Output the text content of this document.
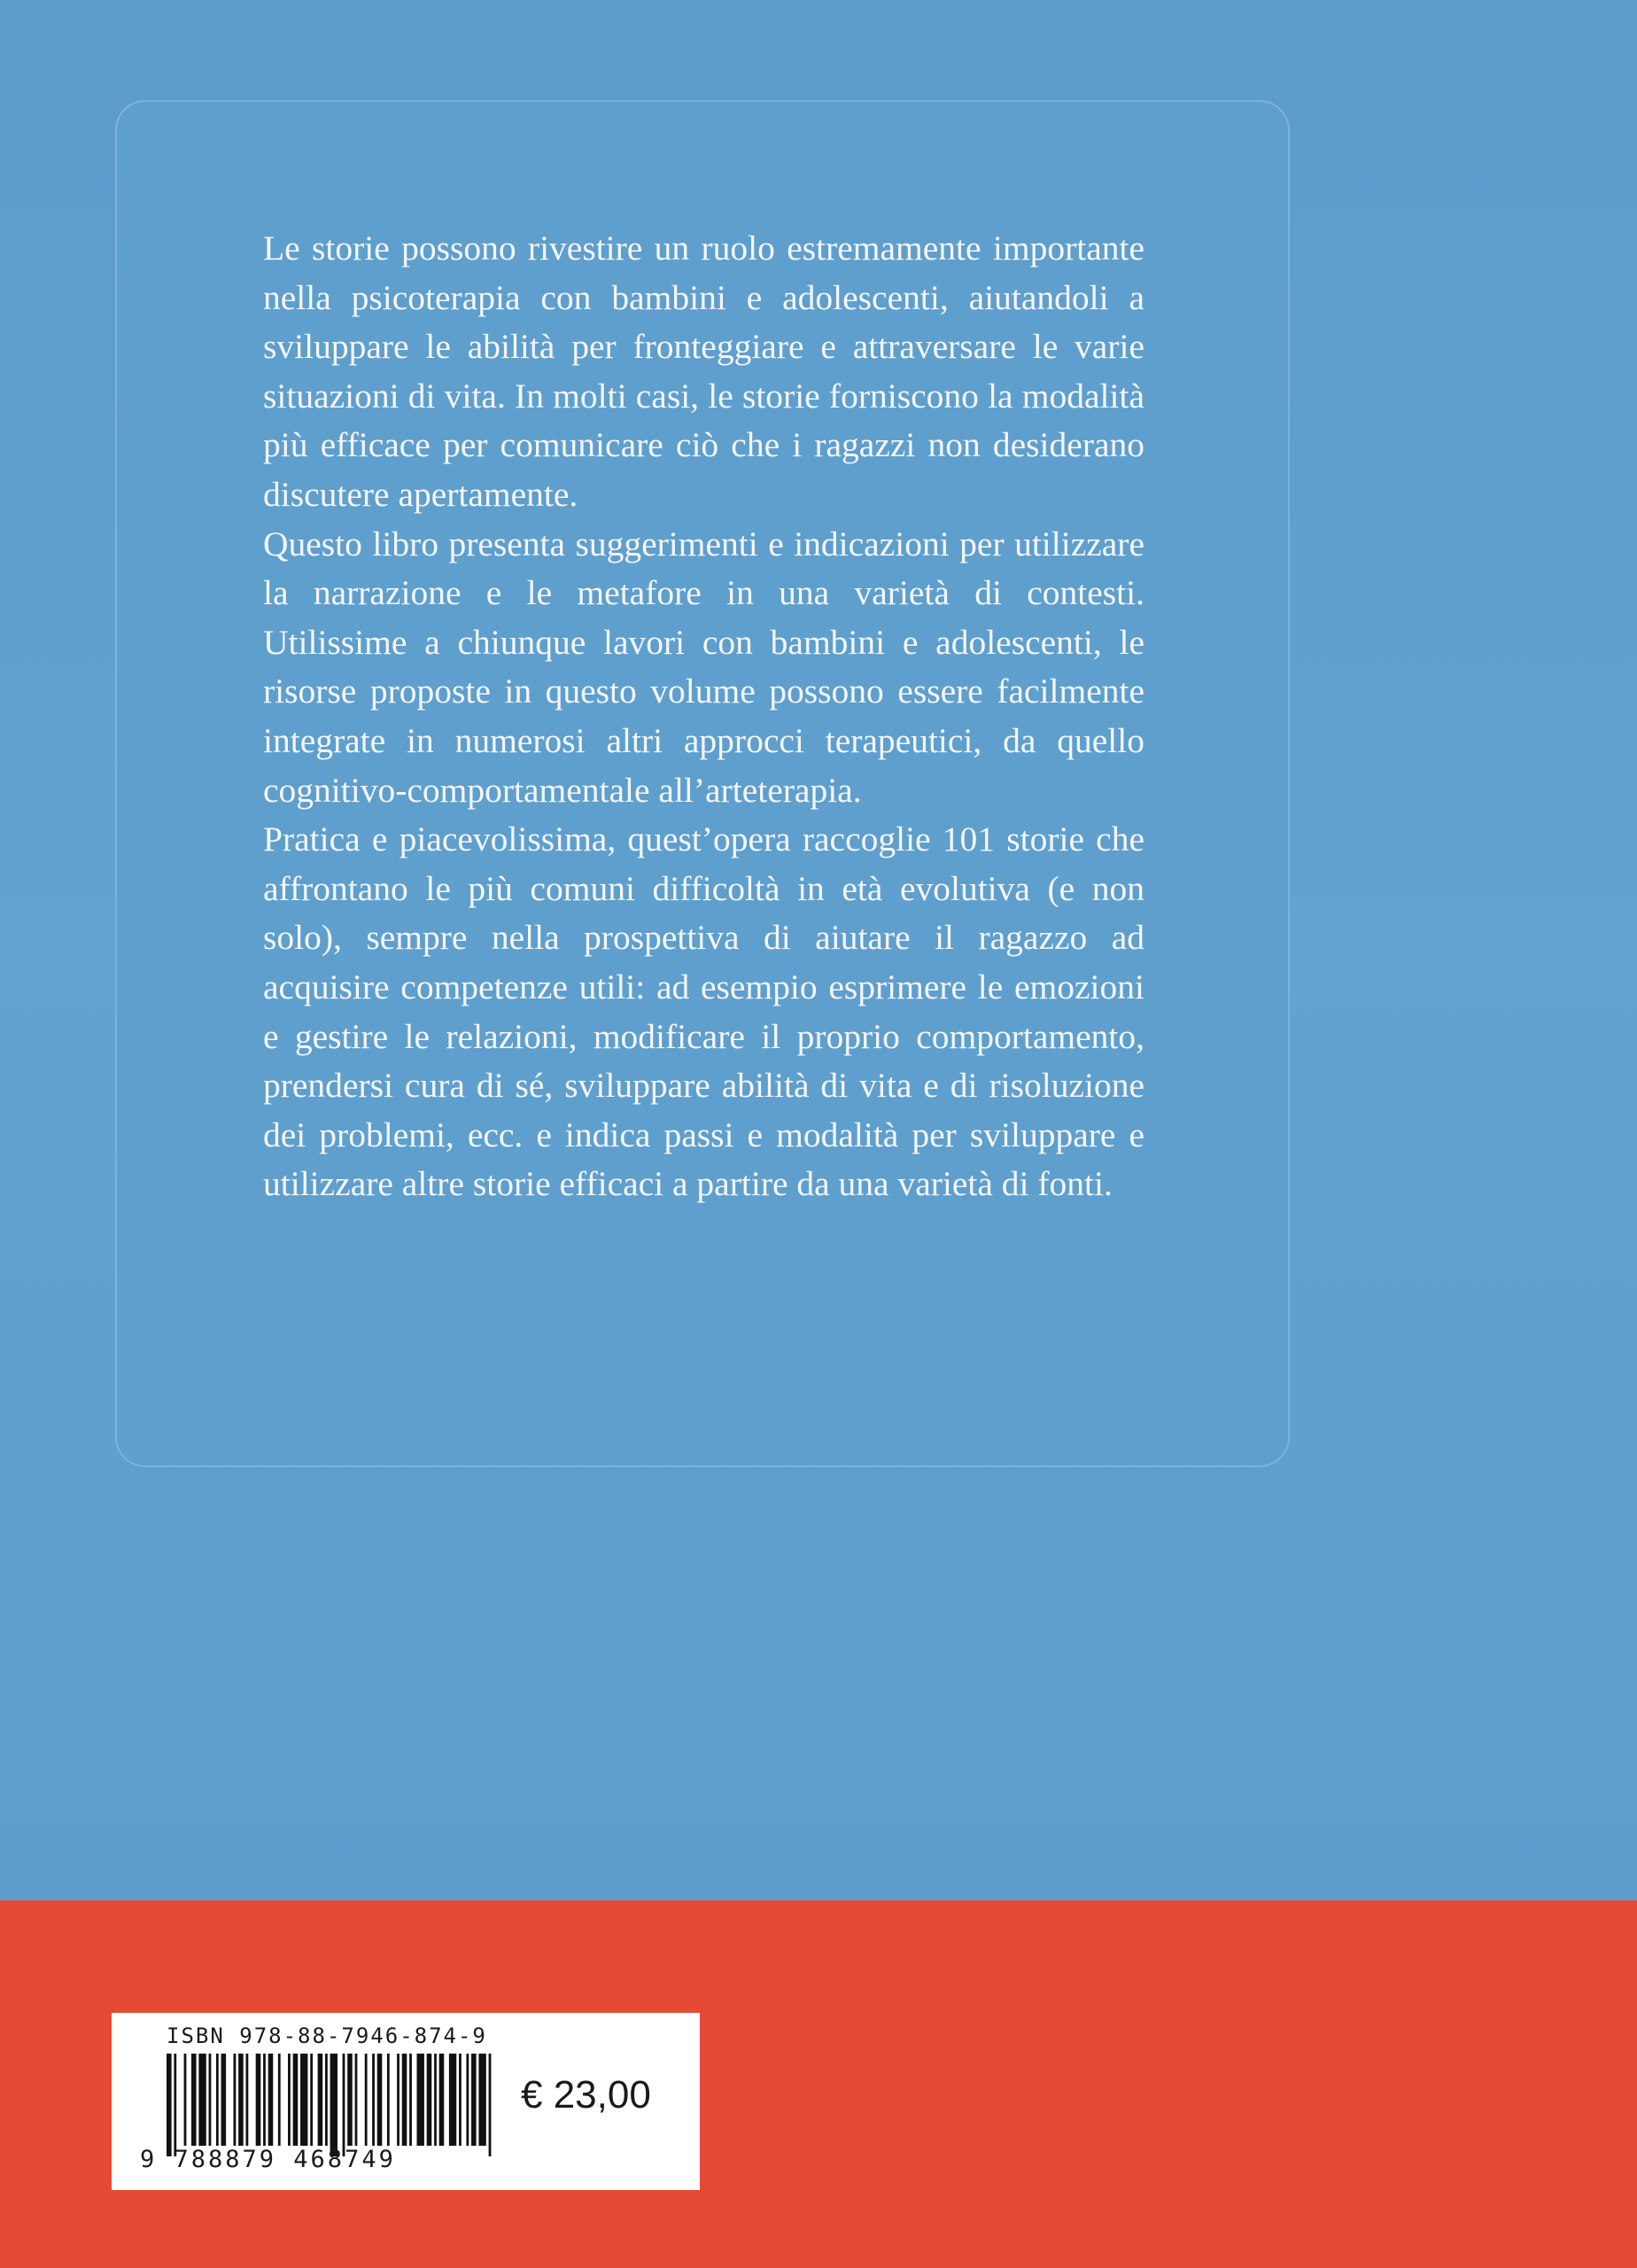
Le storie possono rivestire un ruolo estremamente importante nella psicoterapia con bambini e adolescenti, aiutandoli a sviluppare le abilità per fronteggiare e attraversare le varie situazioni di vita. In molti casi, le storie forniscono la modalità più efficace per comunicare ciò che i ragazzi non desiderano discutere apertamente.

Questo libro presenta suggerimenti e indicazioni per utilizzare la narrazione e le metafore in una varietà di contesti. Utilissime a chiunque lavori con bambini e adolescenti, le risorse proposte in questo volume possono essere facilmente integrate in numerosi altri approcci terapeutici, da quello cognitivo-comportamentale all’arteterapia.

Pratica e piacevolissima, quest’opera raccoglie 101 storie che affrontano le più comuni difficoltà in età evolutiva (e non solo), sempre nella prospettiva di aiutare il ragazzo ad acquisire competenze utili: ad esempio esprimere le emozioni e gestire le relazioni, modificare il proprio comportamento, prendersi cura di sé, sviluppare abilità di vita e di risoluzione dei problemi, ecc. e indica passi e modalità per sviluppare e utilizzare altre storie efficaci a partire da una varietà di fonti.

ISBN 978-88-7946-874-9
9 788879 468749
€ 23,00
